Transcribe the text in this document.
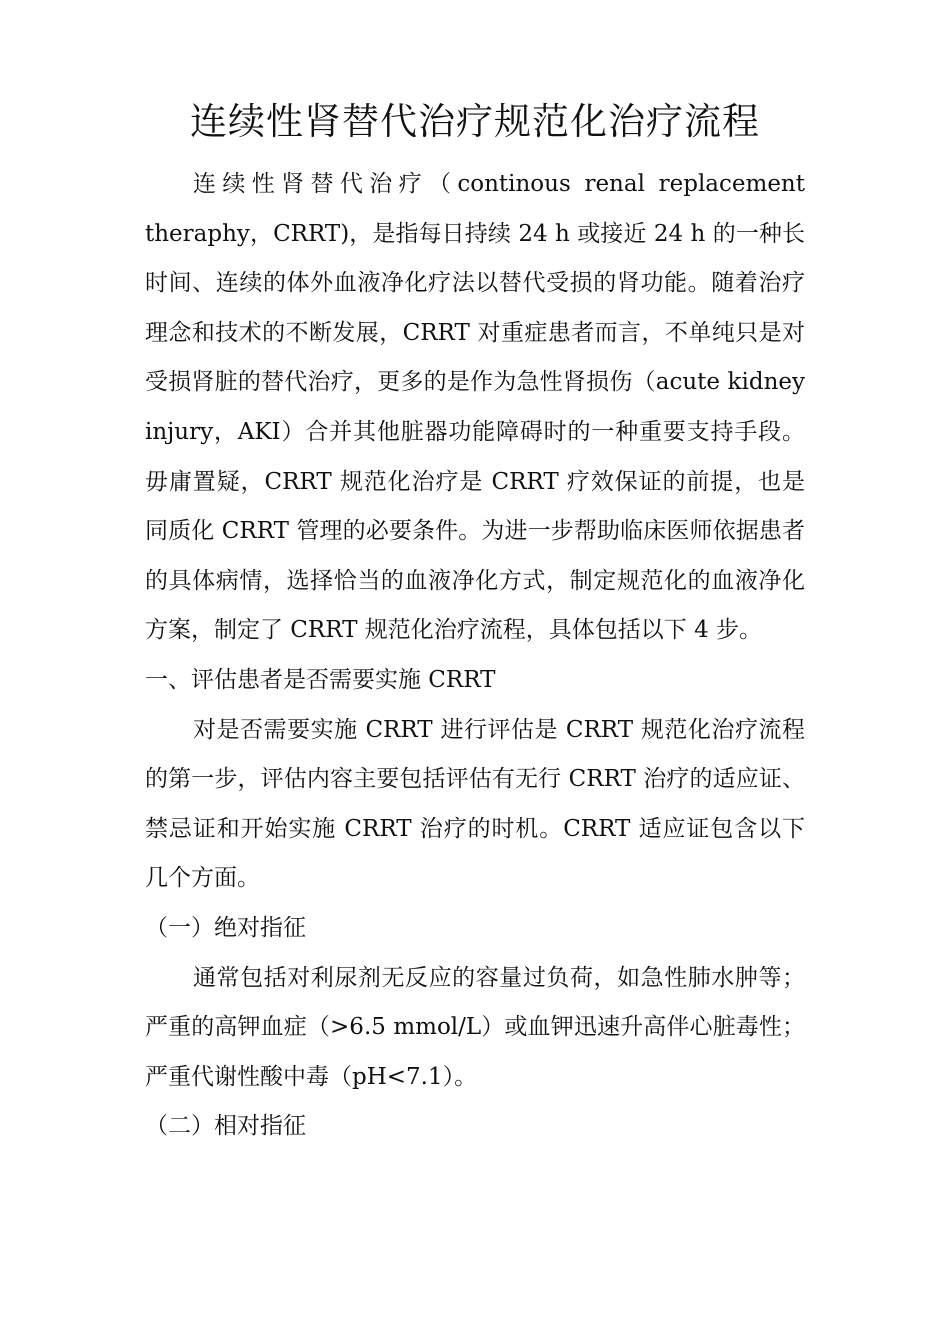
连续性肾替代治疗规范化治疗流程

连续性肾替代治疗（continous renal replacement theraphy，CRRT)，是指每日持续 24 h 或接近 24 h 的一种长时间、连续的体外血液净化疗法以替代受损的肾功能。随着治疗理念和技术的不断发展，CRRT 对重症患者而言，不单纯只是对受损肾脏的替代治疗，更多的是作为急性肾损伤（acute kidney injury，AKI）合并其他脏器功能障碍时的一种重要支持手段。毋庸置疑，CRRT 规范化治疗是 CRRT 疗效保证的前提，也是同质化 CRRT 管理的必要条件。为进一步帮助临床医师依据患者的具体病情，选择恰当的血液净化方式，制定规范化的血液净化方案，制定了 CRRT 规范化治疗流程，具体包括以下 4 步。

一、评估患者是否需要实施 CRRT

对是否需要实施 CRRT 进行评估是 CRRT 规范化治疗流程的第一步，评估内容主要包括评估有无行 CRRT 治疗的适应证、禁忌证和开始实施 CRRT 治疗的时机。CRRT 适应证包含以下几个方面。

（一）绝对指征

通常包括对利尿剂无反应的容量过负荷，如急性肺水肿等；严重的高钾血症（>6.5 mmol/L）或血钾迅速升高伴心脏毒性；严重代谢性酸中毒（pH<7.1）。

（二）相对指征
